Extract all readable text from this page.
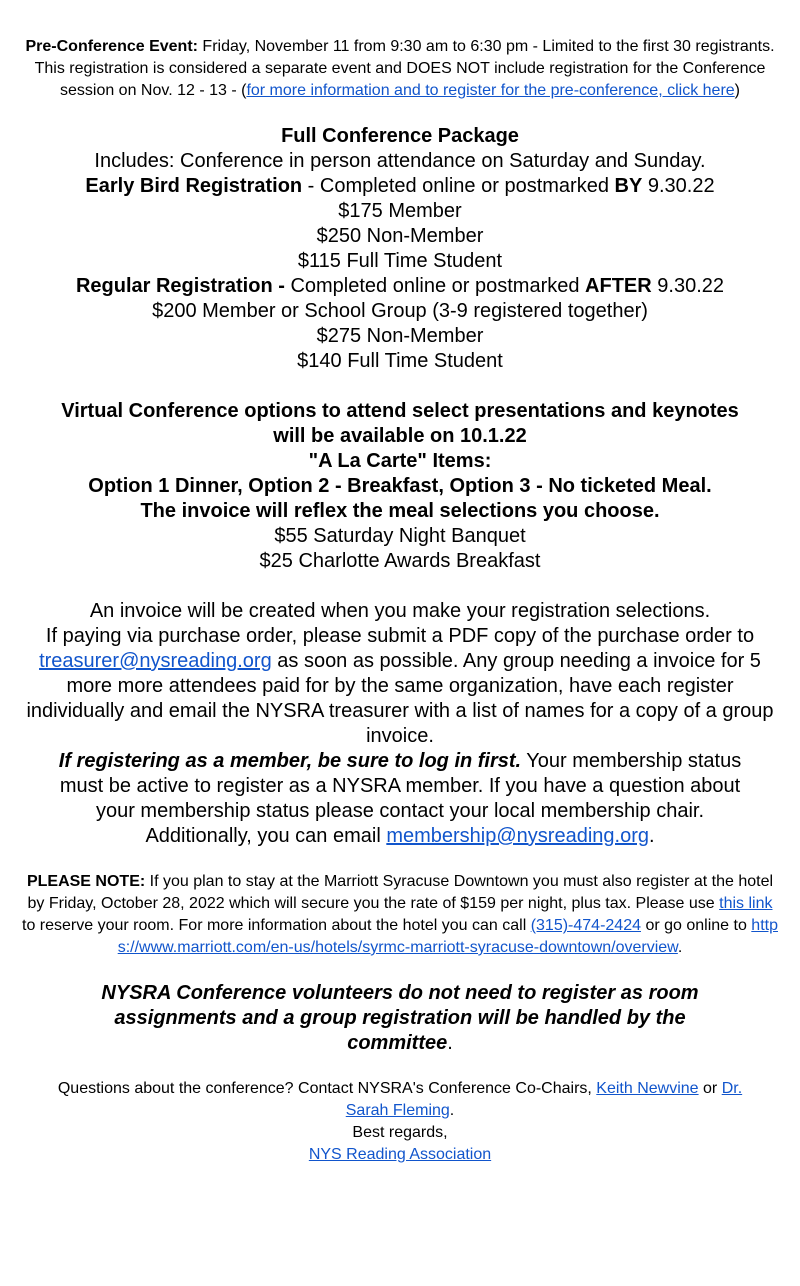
Pre-Conference Event: Friday, November 11 from 9:30 am to 6:30 pm - Limited to the first 30 registrants. This registration is considered a separate event and DOES NOT include registration for the Conference session on Nov. 12 - 13 - (for more information and to register for the pre-conference, click here)

Full Conference Package
Includes: Conference in person attendance on Saturday and Sunday.
Early Bird Registration - Completed online or postmarked BY 9.30.22
$175 Member
$250 Non-Member
$115 Full Time Student
Regular Registration - Completed online or postmarked AFTER 9.30.22
$200 Member or School Group (3-9 registered together)
$275 Non-Member
$140 Full Time Student
Virtual Conference options to attend select presentations and keynotes will be available on 10.1.22
"A La Carte" Items:
Option 1 Dinner, Option 2 - Breakfast, Option 3 - No ticketed Meal.
The invoice will reflex the meal selections you choose.
$55 Saturday Night Banquet
$25 Charlotte Awards Breakfast
An invoice will be created when you make your registration selections.
If paying via purchase order, please submit a PDF copy of the purchase order to treasurer@nysreading.org as soon as possible. Any group needing a invoice for 5 more more attendees paid for by the same organization, have each register individually and email the NYSRA treasurer with a list of names for a copy of a group invoice.
If registering as a member, be sure to log in first. Your membership status must be active to register as a NYSRA member. If you have a question about your membership status please contact your local membership chair. Additionally, you can email membership@nysreading.org.

PLEASE NOTE: If you plan to stay at the Marriott Syracuse Downtown you must also register at the hotel by Friday, October 28, 2022 which will secure you the rate of $159 per night, plus tax. Please use this link to reserve your room. For more information about the hotel you can call (315)-474-2424 or go online to https://www.marriott.com/en-us/hotels/syrmc-marriott-syracuse-downtown/overview.

NYSRA Conference volunteers do not need to register as room assignments and a group registration will be handled by the committee.

Questions about the conference? Contact NYSRA's Conference Co-Chairs, Keith Newvine or Dr. Sarah Fleming.
Best regards,
NYS Reading Association
